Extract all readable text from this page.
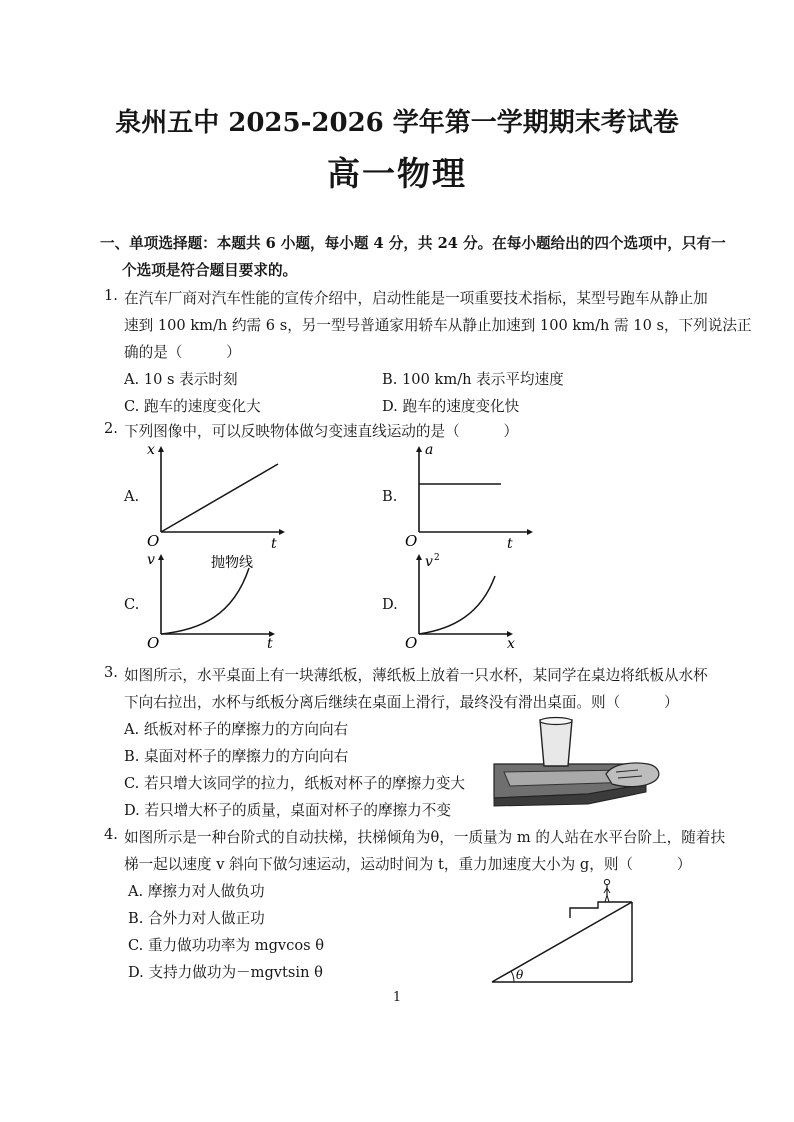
泉州五中 2025-2026 学年第一学期期末考试卷
高一物理
一、单项选择题：本题共 6 小题，每小题 4 分，共 24 分。在每小题给出的四个选项中，只有一
个选项是符合题目要求的。
1. 在汽车厂商对汽车性能的宣传介绍中，启动性能是一项重要技术指标，某型号跑车从静止加
速到 100 km/h 约需 6 s，另一型号普通家用轿车从静止加速到 100 km/h 需 10 s，下列说法正
确的是（　　　）
A. 10 s 表示时刻	B. 100 km/h 表示平均速度
C. 跑车的速度变化大	D. 跑车的速度变化快
2. 下列图像中，可以反映物体做匀变速直线运动的是（　　　）
A.	B.
C.	D.
x
O	t
a
O	t
v
O	t
抛物线	v 2
O	x
3. 如图所示，水平桌面上有一块薄纸板，薄纸板上放着一只水杯，某同学在桌边将纸板从水杯
下向右拉出，水杯与纸板分离后继续在桌面上滑行，最终没有滑出桌面。则（　　　）
A. 纸板对杯子的摩擦力的方向向右
B. 桌面对杯子的摩擦力的方向向右
C. 若只增大该同学的拉力，纸板对杯子的摩擦力变大
D. 若只增大杯子的质量，桌面对杯子的摩擦力不变
4. 如图所示是一种台阶式的自动扶梯，扶梯倾角为θ，一质量为 m 的人站在水平台阶上，随着扶
梯一起以速度 v 斜向下做匀速运动，运动时间为 t，重力加速度大小为 g，则（　　　）
A. 摩擦力对人做负功
B. 合外力对人做正功
C. 重力做功功率为 mgvcos θ
D. 支持力做功为－mgvtsin θ	θ
1
